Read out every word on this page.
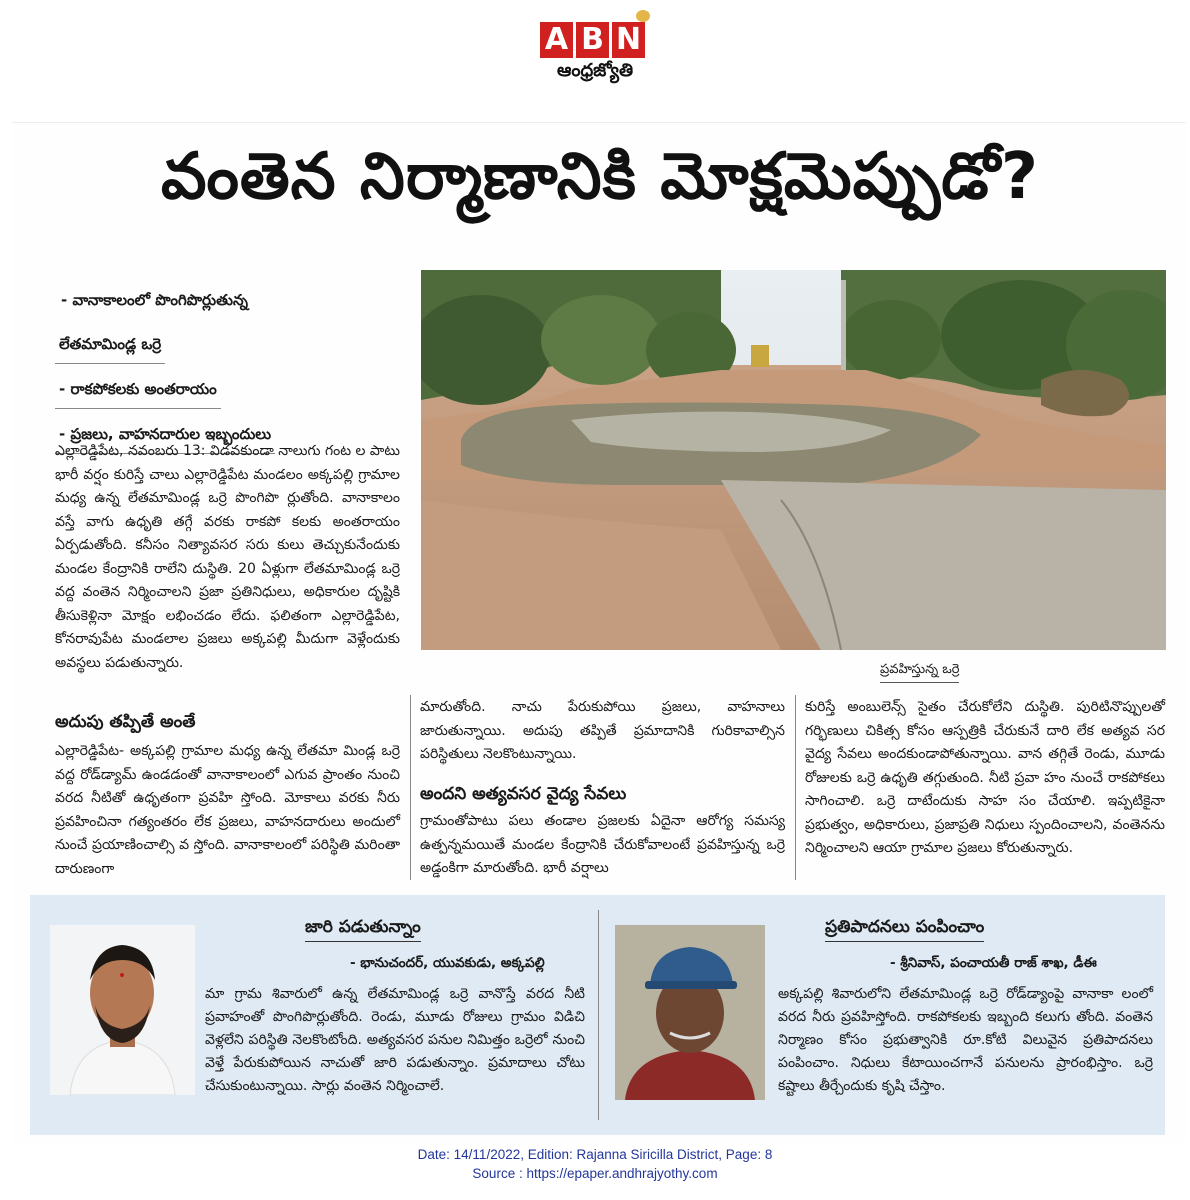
A B N
ఆంధ్రజ్యోతి
వంతెన నిర్మాణానికి మోక్షమెప్పుడో?
- వానాకాలంలో పొంగిపొర్లుతున్న
లేతమామిండ్ల ఒర్రె
- రాకపోకలకు అంతరాయం
- ప్రజలు, వాహనదారుల ఇబ్బందులు
ఎల్లారెడ్డిపేట, నవంబరు 13: విడవకుండా నాలుగు గంట ల పాటు భారీ వర్షం కురిస్తే చాలు ఎల్లారెడ్డిపేట మండలం అక్కపల్లి గ్రామాల మధ్య ఉన్న లేతమామిండ్ల ఒర్రె పొంగిపొ ర్లుతోంది. వానాకాలం వస్తే వాగు ఉధృతి తగ్గే వరకు రాకపో కలకు అంతరాయం ఏర్పడుతోంది. కనీసం నిత్యావసర సరు కులు తెచ్చుకునేందుకు మండల కేంద్రానికి రాలేని దుస్థితి. 20 ఏళ్లుగా లేతమామిండ్ల ఒర్రె వద్ద వంతెన నిర్మించాలని ప్రజా ప్రతినిధులు, అధికారుల దృష్టికి తీసుకెళ్లినా మోక్షం లభించడం లేదు. ఫలితంగా ఎల్లారెడ్డిపేట, కోనరావుపేట మండలాల ప్రజలు అక్కపల్లి మీదుగా వెళ్లేందుకు అవస్థలు పడుతున్నారు.	ప్రవహిస్తున్న ఒర్రె
అదుపు తప్పితే అంతే
ఎల్లారెడ్డిపేట- అక్కపల్లి గ్రామాల మధ్య ఉన్న లేతమా మిండ్ల ఒర్రె వద్ద రోడ్‌డ్యామ్‌ ఉండడంతో వానాకాలంలో ఎగువ ప్రాంతం నుంచి వరద నీటితో ఉధృతంగా ప్రవహి స్తోంది. మోకాలు వరకు నీరు ప్రవహించినా గత్యంతరం లేక ప్రజలు, వాహనదారులు అందులో నుంచే ప్రయాణించాల్సి వ స్తోంది. వానాకాలంలో పరిస్థితి మరింతా దారుణంగా
మారుతోంది. నాచు పేరుకుపోయి ప్రజలు, వాహనాలు జారుతున్నాయి. అదుపు తప్పితే ప్రమాదానికి గురికావాల్సిన పరిస్థితులు నెలకొంటున్నాయి.
అందని అత్యవసర వైద్య సేవలు
గ్రామంతోపాటు పలు తండాల ప్రజలకు ఏదైనా ఆరోగ్య సమస్య ఉత్పన్నమయితే మండల కేంద్రానికి చేరుకోవాలంటే ప్రవహిస్తున్న ఒర్రె అడ్డంకిగా మారుతోంది. భారీ వర్షాలు
కురిస్తే అంబులెన్స్‌ సైతం చేరుకోలేని దుస్థితి. పురిటినొప్పులతో గర్భిణులు చికిత్స కోసం ఆస్పత్రికి చేరుకునే దారి లేక అత్యవ సర వైద్య సేవలు అందకుండాపోతున్నాయి. వాన తగ్గితే రెండు, మూడు రోజులకు ఒర్రె ఉధృతి తగ్గుతుంది. నీటి ప్రవా హం నుంచే రాకపోకలు సాగించాలి. ఒర్రె దాటేందుకు సాహ సం చేయాలి. ఇప్పటికైనా ప్రభుత్వం, అధికారులు, ప్రజాప్రతి నిధులు స్పందించాలని, వంతెనను నిర్మించాలని ఆయా గ్రామాల ప్రజలు కోరుతున్నారు.
జారి పడుతున్నాం
- భానుచందర్‌, యువకుడు, అక్కపల్లి
మా గ్రామ శివారులో ఉన్న లేతమామిండ్ల ఒర్రె వానొస్తే వరద నీటి ప్రవాహంతో పొంగిపొర్లుతోంది. రెండు, మూడు రోజులు గ్రామం విడిచి వెళ్లలేని పరిస్థితి నెలకొంటోంది. అత్యవసర పనుల నిమిత్తం ఒర్రెలో నుంచి వెళ్తే పేరుకుపోయిన నాచుతో జారి పడుతున్నాం. ప్రమాదాలు చోటు చేసుకుంటున్నాయి. సార్లు వంతెన నిర్మించాలే.
ప్రతిపాదనలు పంపించాం
- శ్రీనివాస్‌, పంచాయతీ రాజ్‌ శాఖ, డీఈ
అక్కపల్లి శివారులోని లేతమామిండ్ల ఒర్రె రోడ్‌డ్యాంపై వానాకా లంలో వరద నీరు ప్రవహిస్తోంది. రాకపోకలకు ఇబ్బంది కలుగు తోంది. వంతెన నిర్మాణం కోసం ప్రభుత్వానికి రూ.కోటి విలువైన ప్రతిపాదనలు పంపించాం. నిధులు కేటాయించగానే పనులను ప్రారంభిస్తాం. ఒర్రె కష్టాలు తీర్చేందుకు కృషి చేస్తాం.
Date: 14/11/2022, Edition: Rajanna Siricilla District, Page: 8
Source : https://epaper.andhrajyothy.com
